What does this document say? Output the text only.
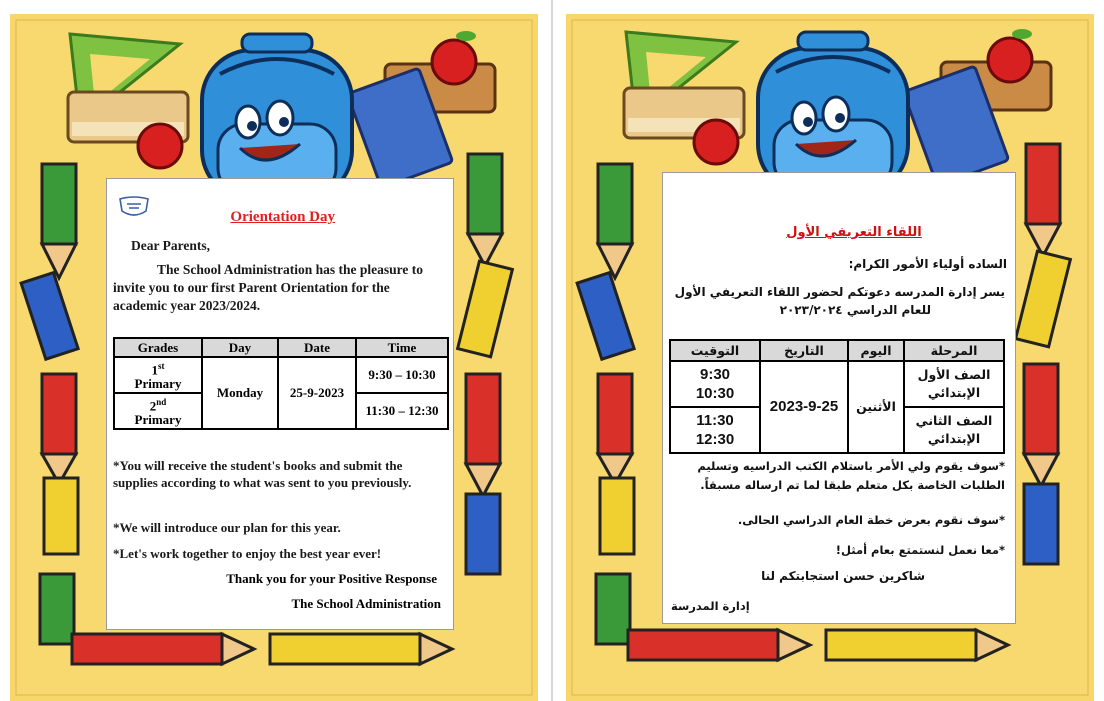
Orientation Day
Dear Parents,
The School Administration has the pleasure to
invite you to our first Parent Orientation for the
academic year 2023/2024.
Grades	Day	Date	Time
1st
Primary	Monday	25-9-2023	9:30 – 10:30
2nd
Primary			11:30 – 12:30
*You will receive the student's books and submit the supplies according to what was sent to you previously.
*We will introduce our plan for this year.
*Let's work together to enjoy the best year ever!
Thank you for your Positive Response
The School Administration
اللقاء التعريفي الأول
الساده أولياء الأمور الكرام:
يسر إدارة المدرسه دعوتكم لحضور اللقاء التعريفي الأول
للعام الدراسي ٢٠٢٣/٢٠٢٤
المرحلة	اليوم	التاريخ	التوقيت
الصف الأول الإبتدائي	الأثنين	2023-9-25	9:30
10:30

الصف الثاني الإبتدائي			11:30
12:30
*سوف يقوم ولي الأمر باستلام الكتب الدراسيه وتسليم الطلبات الخاصة بكل متعلم طبقا لما تم ارساله مسبقاً.
*سوف نقوم بعرض خطة العام الدراسي الحالى.
*معا نعمل لنستمتع بعام أمثل!
شاكرين حسن استجابتكم لنا
إدارة المدرسة
